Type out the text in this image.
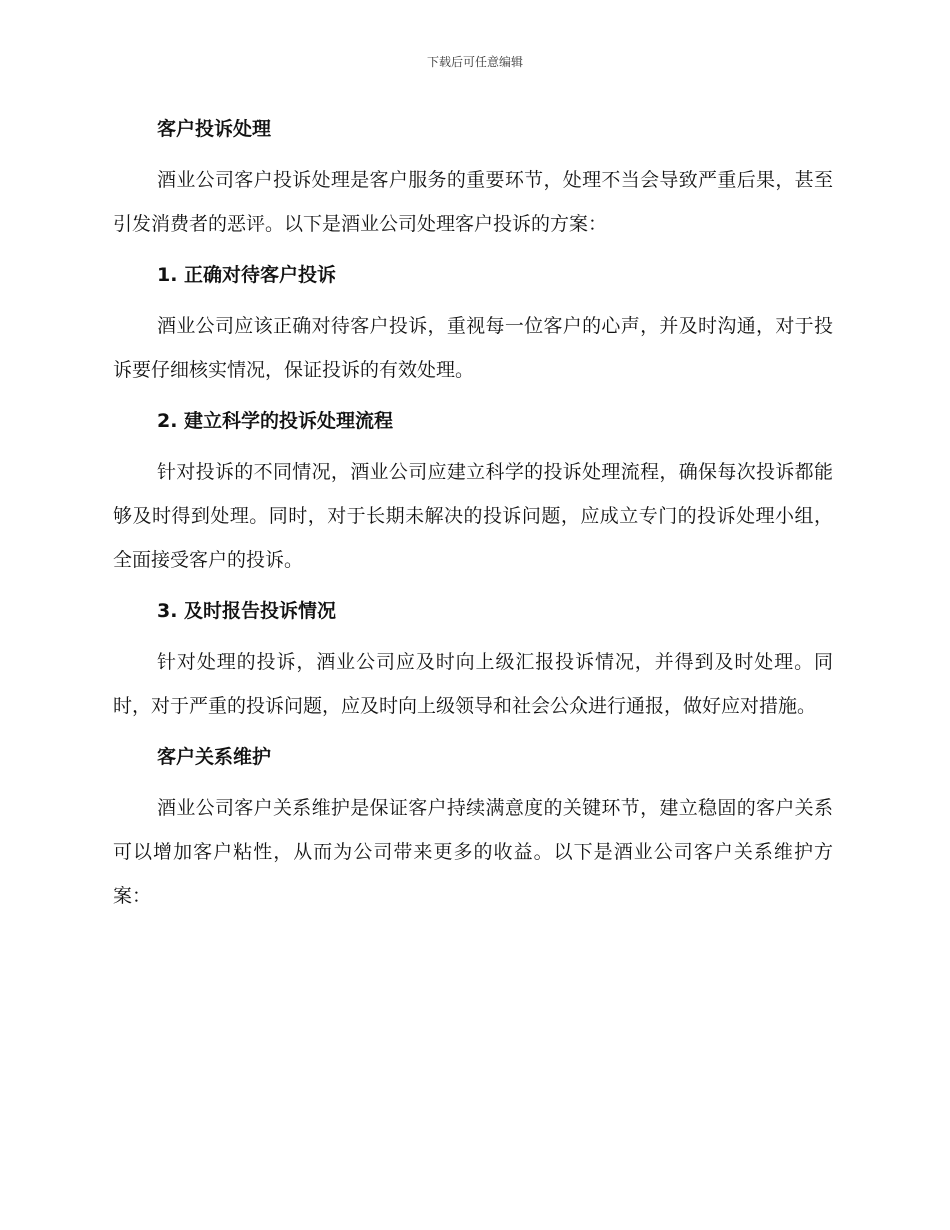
下载后可任意编辑

客户投诉处理

酒业公司客户投诉处理是客户服务的重要环节，处理不当会导致严重后果，甚至引发消费者的恶评。以下是酒业公司处理客户投诉的方案：

1. 正确对待客户投诉

酒业公司应该正确对待客户投诉，重视每一位客户的心声，并及时沟通，对于投诉要仔细核实情况，保证投诉的有效处理。

2. 建立科学的投诉处理流程

针对投诉的不同情况，酒业公司应建立科学的投诉处理流程，确保每次投诉都能够及时得到处理。同时，对于长期未解决的投诉问题，应成立专门的投诉处理小组，全面接受客户的投诉。

3. 及时报告投诉情况

针对处理的投诉，酒业公司应及时向上级汇报投诉情况，并得到及时处理。同时，对于严重的投诉问题，应及时向上级领导和社会公众进行通报，做好应对措施。

客户关系维护

酒业公司客户关系维护是保证客户持续满意度的关键环节，建立稳固的客户关系可以增加客户粘性，从而为公司带来更多的收益。以下是酒业公司客户关系维护方案：
